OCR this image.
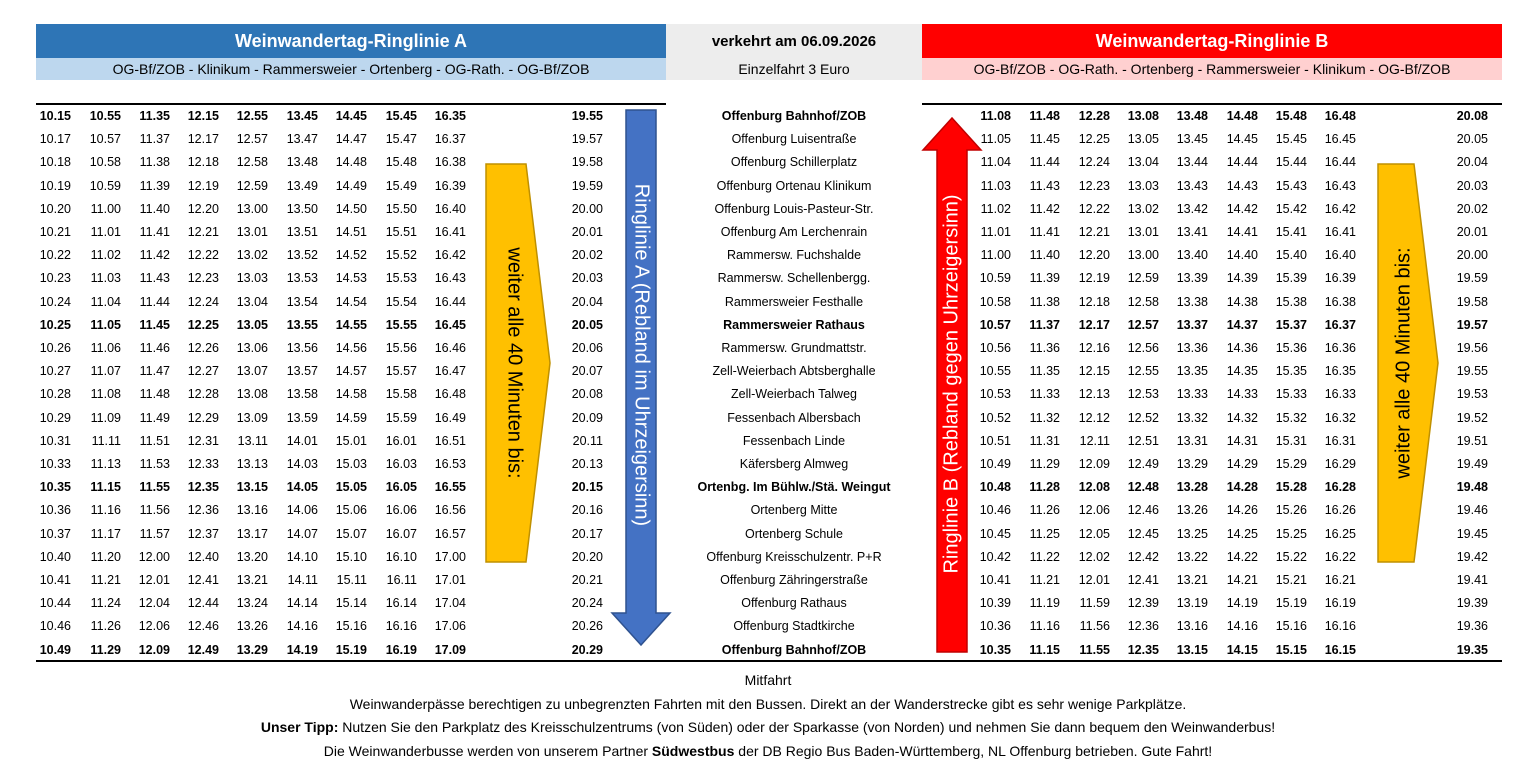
Weinwandertag-Ringlinie A
OG-Bf/ZOB - Klinikum - Rammersweier - Ortenberg - OG-Rath. - OG-Bf/ZOB
verkehrt am 06.09.2026
Einzelfahrt 3 Euro
Weinwandertag-Ringlinie B
OG-Bf/ZOB - OG-Rath. - Ortenberg - Rammersweier - Klinikum - OG-Bf/ZOB
10.15	10.55	11.35	12.15	12.55	13.45	14.45	15.45	16.35	19.55	Offenburg Bahnhof/ZOB	11.08	11.48	12.28	13.08	13.48	14.48	15.48	16.48	20.08
10.17	10.57	11.37	12.17	12.57	13.47	14.47	15.47	16.37	19.57	Offenburg Luisentraße	11.05	11.45	12.25	13.05	13.45	14.45	15.45	16.45	20.05
10.18	10.58	11.38	12.18	12.58	13.48	14.48	15.48	16.38	19.58	Offenburg Schillerplatz	11.04	11.44	12.24	13.04	13.44	14.44	15.44	16.44	20.04
10.19	10.59	11.39	12.19	12.59	13.49	14.49	15.49	16.39	19.59	Offenburg Ortenau Klinikum	11.03	11.43	12.23	13.03	13.43	14.43	15.43	16.43	20.03
10.20	11.00	11.40	12.20	13.00	13.50	14.50	15.50	16.40	20.00	Offenburg Louis-Pasteur-Str.	11.02	11.42	12.22	13.02	13.42	14.42	15.42	16.42	20.02
10.21	11.01	11.41	12.21	13.01	13.51	14.51	15.51	16.41	20.01	Offenburg Am Lerchenrain	11.01	11.41	12.21	13.01	13.41	14.41	15.41	16.41	20.01
10.22	11.02	11.42	12.22	13.02	13.52	14.52	15.52	16.42	20.02	Rammersw. Fuchshalde	11.00	11.40	12.20	13.00	13.40	14.40	15.40	16.40	20.00
10.23	11.03	11.43	12.23	13.03	13.53	14.53	15.53	16.43	20.03	Rammersw. Schellenbergg.	10.59	11.39	12.19	12.59	13.39	14.39	15.39	16.39	19.59
10.24	11.04	11.44	12.24	13.04	13.54	14.54	15.54	16.44	20.04	Rammersweier Festhalle	10.58	11.38	12.18	12.58	13.38	14.38	15.38	16.38	19.58
10.25	11.05	11.45	12.25	13.05	13.55	14.55	15.55	16.45	20.05	Rammersweier Rathaus	10.57	11.37	12.17	12.57	13.37	14.37	15.37	16.37	19.57
10.26	11.06	11.46	12.26	13.06	13.56	14.56	15.56	16.46	20.06	Rammersw. Grundmattstr.	10.56	11.36	12.16	12.56	13.36	14.36	15.36	16.36	19.56
10.27	11.07	11.47	12.27	13.07	13.57	14.57	15.57	16.47	20.07	Zell-Weierbach Abtsberghalle	10.55	11.35	12.15	12.55	13.35	14.35	15.35	16.35	19.55
10.28	11.08	11.48	12.28	13.08	13.58	14.58	15.58	16.48	20.08	Zell-Weierbach Talweg	10.53	11.33	12.13	12.53	13.33	14.33	15.33	16.33	19.53
10.29	11.09	11.49	12.29	13.09	13.59	14.59	15.59	16.49	20.09	Fessenbach Albersbach	10.52	11.32	12.12	12.52	13.32	14.32	15.32	16.32	19.52
10.31	11.11	11.51	12.31	13.11	14.01	15.01	16.01	16.51	20.11	Fessenbach Linde	10.51	11.31	12.11	12.51	13.31	14.31	15.31	16.31	19.51
10.33	11.13	11.53	12.33	13.13	14.03	15.03	16.03	16.53	20.13	Käfersberg Almweg	10.49	11.29	12.09	12.49	13.29	14.29	15.29	16.29	19.49
10.35	11.15	11.55	12.35	13.15	14.05	15.05	16.05	16.55	20.15	Ortenbg. Im Bühlw./Stä. Weingut	10.48	11.28	12.08	12.48	13.28	14.28	15.28	16.28	19.48
10.36	11.16	11.56	12.36	13.16	14.06	15.06	16.06	16.56	20.16	Ortenberg Mitte	10.46	11.26	12.06	12.46	13.26	14.26	15.26	16.26	19.46
10.37	11.17	11.57	12.37	13.17	14.07	15.07	16.07	16.57	20.17	Ortenberg Schule	10.45	11.25	12.05	12.45	13.25	14.25	15.25	16.25	19.45
10.40	11.20	12.00	12.40	13.20	14.10	15.10	16.10	17.00	20.20	Offenburg Kreisschulzentr. P+R	10.42	11.22	12.02	12.42	13.22	14.22	15.22	16.22	19.42
10.41	11.21	12.01	12.41	13.21	14.11	15.11	16.11	17.01	20.21	Offenburg Zähringerstraße	10.41	11.21	12.01	12.41	13.21	14.21	15.21	16.21	19.41
10.44	11.24	12.04	12.44	13.24	14.14	15.14	16.14	17.04	20.24	Offenburg Rathaus	10.39	11.19	11.59	12.39	13.19	14.19	15.19	16.19	19.39
10.46	11.26	12.06	12.46	13.26	14.16	15.16	16.16	17.06	20.26	Offenburg Stadtkirche	10.36	11.16	11.56	12.36	13.16	14.16	15.16	16.16	19.36
10.49	11.29	12.09	12.49	13.29	14.19	15.19	16.19	17.09	20.29	Offenburg Bahnhof/ZOB	10.35	11.15	11.55	12.35	13.15	14.15	15.15	16.15	19.35
weiter alle 40 Minuten bis:	Ringlinie A (Rebland im Uhrzeigersinn)	Ringlinie B (Rebland gegen Uhrzeigersinn)	weiter alle 40 Minuten bis:
Mitfahrt
Weinwanderpässe berechtigen zu unbegrenzten Fahrten mit den Bussen. Direkt an der Wanderstrecke gibt es sehr wenige Parkplätze.
Unser Tipp: Nutzen Sie den Parkplatz des Kreisschulzentrums (von Süden) oder der Sparkasse (von Norden) und nehmen Sie dann bequem den Weinwanderbus!
Die Weinwanderbusse werden von unserem Partner Südwestbus der DB Regio Bus Baden-Württemberg, NL Offenburg betrieben. Gute Fahrt!
